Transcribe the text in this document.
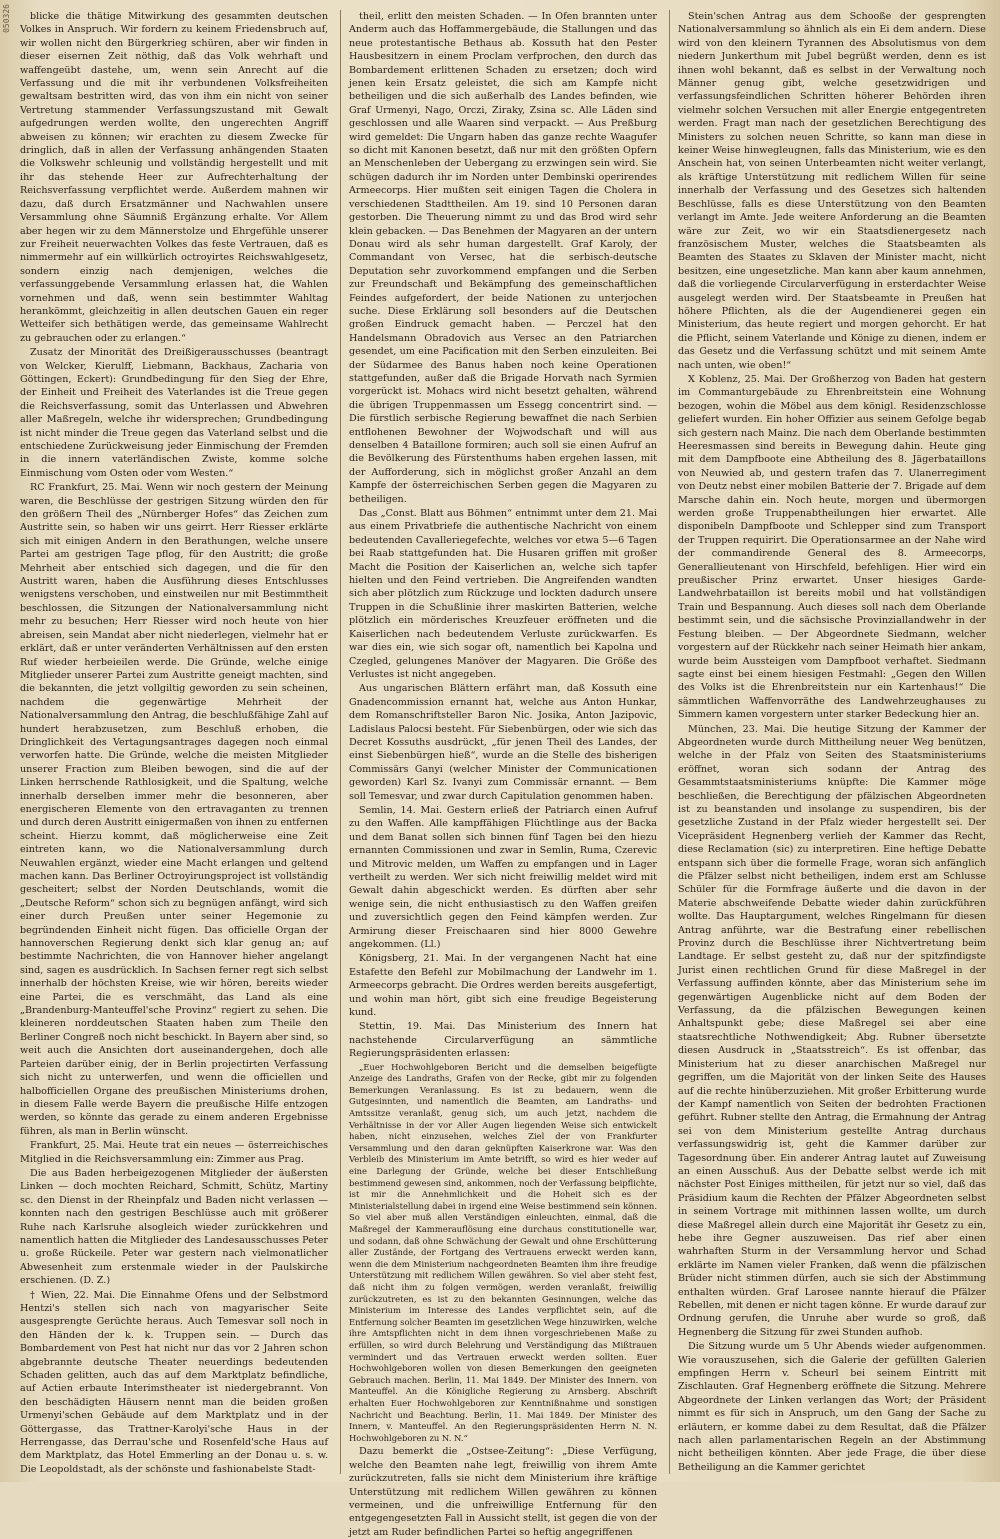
050326	blicke die thätige Mitwirkung des gesammten deutschen Volkes in Anspruch. Wir fordern zu keinem Friedensbruch auf, wir wollen nicht den Bürgerkrieg schüren, aber wir finden in dieser eisernen Zeit nöthig, daß das Volk wehrhaft und waffengeübt dastehe, um, wenn sein Anrecht auf die Verfassung und die mit ihr verbundenen Volksfreiheiten gewaltsam bestritten wird, das von ihm ein nicht von seiner Vertretung stammender Verfassungszustand mit Gewalt aufgedrungen werden wollte, den ungerechten Angriff abweisen zu können; wir erachten zu diesem Zwecke für dringlich, daß in allen der Verfassung anhängenden Staaten die Volkswehr schleunig und vollständig hergestellt und mit ihr das stehende Heer zur Aufrechterhaltung der Reichsverfassung verpflichtet werde. Außerdem mahnen wir dazu, daß durch Ersatzmänner und Nachwahlen unsere Versammlung ohne Säumniß Ergänzung erhalte. Vor Allem aber hegen wir zu dem Männerstolze und Ehrgefühle unserer zur Freiheit neuerwachten Volkes das feste Vertrauen, daß es nimmermehr auf ein willkürlich octroyirtes Reichswahlgesetz, sondern einzig nach demjenigen, welches die verfassunggebende Versammlung erlassen hat, die Wahlen vornehmen und daß, wenn sein bestimmter Wahltag herankömmt, gleichzeitig in allen deutschen Gauen ein reger Wetteifer sich bethätigen werde, das gemeinsame Wahlrecht zu gebrauchen oder zu erlangen.“

Zusatz der Minorität des Dreißigerausschusses (beantragt von Welcker, Kierulff, Liebmann, Backhaus, Zacharia von Göttingen, Eckert): Grundbedingung für den Sieg der Ehre, der Einheit und Freiheit des Vaterlandes ist die Treue gegen die Reichsverfassung, somit das Unterlassen und Abwehren aller Maßregeln, welche ihr widersprechen; Grundbedingung ist nicht minder die Treue gegen das Vaterland selbst und die entschiedene Zurückweisung jeder Einmischung der Fremden in die innern vaterländischen Zwiste, komme solche Einmischung vom Osten oder vom Westen.“

RC Frankfurt, 25. Mai. Wenn wir noch gestern der Meinung waren, die Beschlüsse der gestrigen Sitzung würden den für den größern Theil des „Nürnberger Hofes“ das Zeichen zum Austritte sein, so haben wir uns geirrt. Herr Riesser erklärte sich mit einigen Andern in den Berathungen, welche unsere Partei am gestrigen Tage pflog, für den Austritt; die große Mehrheit aber entschied sich dagegen, und die für den Austritt waren, haben die Ausführung dieses Entschlusses wenigstens verschoben, und einstweilen nur mit Bestimmtheit beschlossen, die Sitzungen der Nationalversammlung nicht mehr zu besuchen; Herr Riesser wird noch heute von hier abreisen, sein Mandat aber nicht niederlegen, vielmehr hat er erklärt, daß er unter veränderten Verhältnissen auf den ersten Ruf wieder herbeieilen werde. Die Gründe, welche einige Mitglieder unserer Partei zum Austritte geneigt machten, sind die bekannten, die jetzt vollgiltig geworden zu sein scheinen, nachdem die gegenwärtige Mehrheit der Nationalversammlung den Antrag, die beschlußfähige Zahl auf hundert herabzusetzen, zum Beschluß erhoben, die Dringlichkeit des Vertagungsantrages dagegen noch einmal verworfen hatte. Die Gründe, welche die meisten Mitglieder unserer Fraction zum Bleiben bewogen, sind die auf der Linken herrschende Rathlosigkeit, und die Spaltung, welche innerhalb derselben immer mehr die besonneren, aber energischeren Elemente von den ertravaganten zu trennen und durch deren Austritt einigermaßen von ihnen zu entfernen scheint. Hierzu kommt, daß möglicherweise eine Zeit eintreten kann, wo die Nationalversammlung durch Neuwahlen ergänzt, wieder eine Macht erlangen und geltend machen kann. Das Berliner Octroyirungsproject ist vollständig gescheitert; selbst der Norden Deutschlands, womit die „Deutsche Reform“ schon sich zu begnügen anfängt, wird sich einer durch Preußen unter seiner Hegemonie zu begründenden Einheit nicht fügen. Das officielle Organ der hannoverschen Regierung denkt sich klar genug an; auf bestimmte Nachrichten, die von Hannover hieher angelangt sind, sagen es ausdrücklich. In Sachsen ferner regt sich selbst innerhalb der höchsten Kreise, wie wir hören, bereits wieder eine Partei, die es verschmäht, das Land als eine „Brandenburg-Manteuffel'sche Provinz“ regiert zu sehen. Die kleineren norddeutschen Staaten haben zum Theile den Berliner Congreß noch nicht beschickt. In Bayern aber sind, so weit auch die Ansichten dort auseinandergehen, doch alle Parteien darüber einig, der in Berlin projectirten Verfassung sich nicht zu unterwerfen, und wenn die officiellen und halbofficiellen Organe des preußischen Ministeriums drohen, in diesem Falle werde Bayern die preußische Hilfe entzogen werden, so könnte das gerade zu einem anderen Ergebnisse führen, als man in Berlin wünscht.

Frankfurt, 25. Mai. Heute trat ein neues — österreichisches Mitglied in die Reichsversammlung ein: Zimmer aus Prag.

Die aus Baden herbeigezogenen Mitglieder der äußersten Linken — doch mochten Reichard, Schmitt, Schütz, Martiny sc. den Dienst in der Rheinpfalz und Baden nicht verlassen — konnten nach den gestrigen Beschlüsse auch mit größerer Ruhe nach Karlsruhe alsogleich wieder zurückkehren und namentlich hatten die Mitglieder des Landesausschusses Peter u. große Rückeile. Peter war gestern nach vielmonatlicher Abwesenheit zum erstenmale wieder in der Paulskirche erschienen. (D. Z.)

† Wien, 22. Mai. Die Einnahme Ofens und der Selbstmord Hentzi's stellen sich nach von magyarischer Seite ausgesprengte Gerüchte heraus. Auch Temesvar soll noch in den Händen der k. k. Truppen sein. — Durch das Bombardement von Pest hat nicht nur das vor 2 Jahren schon abgebrannte deutsche Theater neuerdings bedeutenden Schaden gelitten, auch das auf dem Marktplatz befindliche, auf Actien erbaute Interimstheater ist niedergebrannt. Von den beschädigten Häusern nennt man die beiden großen Urmenyi'schen Gebäude auf dem Marktplatz und in der Göttergasse, das Trattner-Karolyi'sche Haus in der Herrengasse, das Derrau'sche und Rosenfeld'sche Haus auf dem Marktplatz, das Hotel Emmerling an der Donau u. s. w. Die Leopoldstadt, als der schönste und fashionabelste Stadt-

theil, erlitt den meisten Schaden. — In Ofen brannten unter Anderm auch das Hoffammergebäude, die Stallungen und das neue protestantische Bethaus ab. Kossuth hat den Pester Hausbesitzern in einem Proclam verfprochen, den durch das Bombardement erlittenen Schaden zu ersetzen; doch wird jenen kein Ersatz geleistet, die sich am Kampfe nicht betheiligen und die sich außerhalb des Landes befinden, wie Graf Urmenyi, Nago, Orczi, Ziraky, Zsina sc. Alle Läden sind geschlossen und alle Waaren sind verpackt. — Aus Preßburg wird gemeldet: Die Ungarn haben das ganze rechte Waagufer so dicht mit Kanonen besetzt, daß nur mit den größten Opfern an Menschenleben der Uebergang zu erzwingen sein wird. Sie schügen dadurch ihr im Norden unter Dembinski operirendes Armeecorps. Hier mußten seit einigen Tagen die Cholera in verschiedenen Stadttheilen. Am 19. sind 10 Personen daran gestorben. Die Theuerung nimmt zu und das Brod wird sehr klein gebacken. — Das Benehmen der Magyaren an der untern Donau wird als sehr human dargestellt. Graf Karoly, der Commandant von Versec, hat die serbisch-deutsche Deputation sehr zuvorkommend empfangen und die Serben zur Freundschaft und Bekämpfung des gemeinschaftlichen Feindes aufgefordert, der beide Nationen zu unterjochen suche. Diese Erklärung soll besonders auf die Deutschen großen Eindruck gemacht haben. — Perczel hat den Handelsmann Obradovich aus Versec an den Patriarchen gesendet, um eine Pacification mit den Serben einzuleiten. Bei der Südarmee des Banus haben noch keine Operationen stattgefunden, außer daß die Brigade Horvath nach Syrmien vorgerückt ist. Mohacs wird nicht besetzt gehalten, während die übrigen Truppenmassen um Essegg concentrirt sind. — Die fürstlich serbische Regierung bewaffnet die nach Serbien entflohenen Bewohner der Wojwodschaft und will aus denselben 4 Bataillone formiren; auch soll sie einen Aufruf an die Bevölkerung des Fürstenthums haben ergehen lassen, mit der Aufforderung, sich in möglichst großer Anzahl an dem Kampfe der österreichischen Serben gegen die Magyaren zu betheiligen.

Das „Const. Blatt aus Böhmen“ entnimmt unter dem 21. Mai aus einem Privatbriefe die authentische Nachricht von einem bedeutenden Cavalleriegefechte, welches vor etwa 5—6 Tagen bei Raab stattgefunden hat. Die Husaren griffen mit großer Macht die Position der Kaiserlichen an, welche sich tapfer hielten und den Feind vertrieben. Die Angreifenden wandten sich aber plötzlich zum Rückzuge und lockten dadurch unsere Truppen in die Schußlinie ihrer maskirten Batterien, welche plötzlich ein mörderisches Kreuzfeuer eröffneten und die Kaiserlichen nach bedeutendem Verluste zurückwarfen. Es war dies ein, wie sich sogar oft, namentlich bei Kapolna und Czegled, gelungenes Manöver der Magyaren. Die Größe des Verlustes ist nicht angegeben.

Aus ungarischen Blättern erfährt man, daß Kossuth eine Gnadencommission ernannt hat, welche aus Anton Hunkar, dem Romanschriftsteller Baron Nic. Josika, Anton Jazipovic, Ladislaus Palocsi besteht. Für Siebenbürgen, oder wie sich das Decret Kossuths ausdrückt, „für jenen Theil des Landes, der einst Siebenbürgen hieß“, wurde an die Stelle des bisherigen Commissärs Ganyi (welcher Minister der Communicationen geworden) Karl Sz. Ivanyi zum Commissär ernannt. — Bem soll Temesvar, und zwar durch Capitulation genommen haben.

Semlin, 14. Mai. Gestern erließ der Patriarch einen Aufruf zu den Waffen. Alle kampffähigen Flüchtlinge aus der Backa und dem Banat sollen sich binnen fünf Tagen bei den hiezu ernannten Commissionen und zwar in Semlin, Ruma, Czerevic und Mitrovic melden, um Waffen zu empfangen und in Lager vertheilt zu werden. Wer sich nicht freiwillig meldet wird mit Gewalt dahin abgeschickt werden. Es dürften aber sehr wenige sein, die nicht enthusiastisch zu den Waffen greifen und zuversichtlich gegen den Feind kämpfen werden. Zur Armirung dieser Freischaaren sind hier 8000 Gewehre angekommen. (Ll.)

Königsberg, 21. Mai. In der vergangenen Nacht hat eine Estafette den Befehl zur Mobilmachung der Landwehr im 1. Armeecorps gebracht. Die Ordres werden bereits ausgefertigt, und wohin man hört, gibt sich eine freudige Begeisterung kund.

Stettin, 19. Mai. Das Ministerium des Innern hat nachstehende Circularverfügung an sämmtliche Regierungspräsidenten erlassen:

„Euer Hochwohlgeboren Bericht und die demselben beigefügte Anzeige des Landraths, Grafen von der Recke, gibt mir zu folgenden Bemerkungen Veranlassung. Es ist zu bedauern, wenn die Gutgesinnten, und namentlich die Beamten, am Landraths- und Amtssitze veranlaßt, genug sich, um auch jetzt, nachdem die Verhältnisse in der vor Aller Augen liegenden Weise sich entwickelt haben, nicht einzusehen, welches Ziel der von Frankfurter Versammlung und den daran geknüpften Kaiserkrone war. Was den Verbleib des Ministerium im Amte betrifft, so wird es hier weder auf eine Darlegung der Gründe, welche bei dieser Entschließung bestimmend gewesen sind, ankommen, noch der Verfassung beipflichte, ist mir die Annehmlichkeit und die Hoheit sich es der Ministerialstellung dabei in irgend eine Weise bestimmend sein können. So viel aber muß allen Verständigen einleuchten, einmal, daß die Maßregel der Kammerauflösung eine durchaus constitutionelle war, und sodann, daß ohne Schwächung der Gewalt und ohne Erschütterung aller Zustände, der Fortgang des Vertrauens erweckt werden kann, wenn die dem Ministerium nachgeordneten Beamten ihm ihre freudige Unterstützung mit redlichem Willen gewähren. So viel aber steht fest, daß nicht ihm zu folgen vermögen, werden veranlaßt, freiwillig zurückzutreten, es ist zu den bekannten Gesinnungen, welche das Ministerium im Interesse des Landes verpflichtet sein, auf die Entfernung solcher Beamten im gesetzlichen Wege hinzuwirken, welche ihre Amtspflichten nicht in dem ihnen vorgeschriebenen Maße zu erfüllen, so wird durch Belehrung und Verständigung das Mißtrauen vermindert und das Vertrauen erweckt werden sollten. Euer Hochwohlgeboren wollen von diesen Bemerkungen den geeigneten Gebrauch machen. Berlin, 11. Mai 1849. Der Minister des Innern. von Manteuffel. An die Königliche Regierung zu Arnsberg. Abschrift erhalten Euer Hochwohlgeboren zur Kenntnißnahme und sonstigen Nachricht und Beachtung. Berlin, 11. Mai 1849. Der Minister des Innern, v. Manteuffel. An den Regierungspräsidenten Herrn N. N. Hochwohlgeboren zu N. N.“

Dazu bemerkt die „Ostsee-Zeitung“: „Diese Verfügung, welche den Beamten nahe legt, freiwillig von ihrem Amte zurückzutreten, falls sie nicht dem Ministerium ihre kräftige Unterstützung mit redlichem Willen gewähren zu können vermeinen, und die unfreiwillige Entfernung für den entgegengesetzten Fall in Aussicht stellt, ist gegen die von der jetzt am Ruder befindlichen Partei so heftig angegriffenen

Stein'schen Antrag aus dem Schooße der gesprengten Nationalversammlung so ähnlich als ein Ei dem andern. Diese wird von den kleinern Tyrannen des Absolutismus von dem niedern Junkerthum mit Jubel begrüßt werden, denn es ist ihnen wohl bekannt, daß es selbst in der Verwaltung noch Männer genug gibt, welche gesetzwidrigen und verfassungsfeindlichen Schritten höherer Behörden ihren vielmehr solchen Versuchen mit aller Energie entgegentreten werden. Fragt man nach der gesetzlichen Berechtigung des Ministers zu solchen neuen Schritte, so kann man diese in keiner Weise hinwegleugnen, falls das Ministerium, wie es den Anschein hat, von seinen Unterbeamten nicht weiter verlangt, als kräftige Unterstützung mit redlichem Willen für seine innerhalb der Verfassung und des Gesetzes sich haltenden Beschlüsse, falls es diese Unterstützung von den Beamten verlangt im Amte. Jede weitere Anforderung an die Beamten wäre zur Zeit, wo wir ein Staatsdienergesetz nach französischem Muster, welches die Staatsbeamten als Beamten des Staates zu Sklaven der Minister macht, nicht besitzen, eine ungesetzliche. Man kann aber kaum annehmen, daß die vorliegende Circularverfügung in ersterdachter Weise ausgelegt werden wird. Der Staatsbeamte in Preußen hat höhere Pflichten, als die der Augendienerei gegen ein Ministerium, das heute regiert und morgen gehorcht. Er hat die Pflicht, seinem Vaterlande und Könige zu dienen, indem er das Gesetz und die Verfassung schützt und mit seinem Amte nach unten, wie oben!“

X Koblenz, 25. Mai. Der Großherzog von Baden hat gestern im Commanturgebäude zu Ehrenbreitstein eine Wohnung bezogen, wohin die Möbel aus dem königl. Residenzschlosse geliefert wurden. Ein hoher Offizier aus seinem Gefolge begab sich gestern nach Mainz. Die nach dem Oberlande bestimmten Heeresmassen sind bereits in Bewegung dahin. Heute ging mit dem Dampfboote eine Abtheilung des 8. Jägerbataillons von Neuwied ab, und gestern trafen das 7. Ulanerregiment von Deutz nebst einer mobilen Batterie der 7. Brigade auf dem Marsche dahin ein. Noch heute, morgen und übermorgen werden große Truppenabtheilungen hier erwartet. Alle disponibeln Dampfboote und Schlepper sind zum Transport der Truppen requirirt. Die Operationsarmee an der Nahe wird der commandirende General des 8. Armeecorps, Generallieutenant von Hirschfeld, befehligen. Hier wird ein preußischer Prinz erwartet. Unser hiesiges Garde-Landwehrbataillon ist bereits mobil und hat vollständigen Train und Bespannung. Auch dieses soll nach dem Oberlande bestimmt sein, und die sächsische Provinziallandwehr in der Festung bleiben. — Der Abgeordnete Siedmann, welcher vorgestern auf der Rückkehr nach seiner Heimath hier ankam, wurde beim Aussteigen vom Dampfboot verhaftet. Siedmann sagte einst bei einem hiesigen Festmahl: „Gegen den Willen des Volks ist die Ehrenbreitstein nur ein Kartenhaus!“ Die sämmtlichen Waffenvorräthe des Landwehrzeughauses zu Simmern kamen vorgestern unter starker Bedeckung hier an.

München, 23. Mai. Die heutige Sitzung der Kammer der Abgeordneten wurde durch Mittheilung neuer Weg benützen, welche in der Pfalz von Seiten des Staatsministeriums eröffnet, woran sich sodann der Antrag des Gesammtstaatsministeriums knüpfte: Die Kammer möge beschließen, die Berechtigung der pfälzischen Abgeordneten ist zu beanstanden und insolange zu suspendiren, bis der gesetzliche Zustand in der Pfalz wieder hergestellt sei. Der Vicepräsident Hegnenberg verlieh der Kammer das Recht, diese Reclamation (sic) zu interpretiren. Eine heftige Debatte entspann sich über die formelle Frage, woran sich anfänglich die Pfälzer selbst nicht betheiligen, indem erst am Schlusse Schüler für die Formfrage äußerte und die davon in der Materie abschweifende Debatte wieder dahin zurückführen wollte. Das Hauptargument, welches Ringelmann für diesen Antrag anführte, war die Bestrafung einer rebellischen Provinz durch die Beschlüsse ihrer Nichtvertretung beim Landtage. Er selbst gesteht zu, daß nur der spitzfindigste Jurist einen rechtlichen Grund für diese Maßregel in der Verfassung auffinden könnte, aber das Ministerium sehe im gegenwärtigen Augenblicke nicht auf dem Boden der Verfassung, da die pfälzischen Bewegungen keinen Anhaltspunkt gebe; diese Maßregel sei aber eine staatsrechtliche Nothwendigkeit; Abg. Rubner übersetzte diesen Ausdruck in „Staatsstreich“. Es ist offenbar, das Ministerium hat zu dieser anarchischen Maßregel nur gegriffen, um die Majorität von der linken Seite des Hauses auf die rechte hinüberzuziehen. Mit großer Erbitterung wurde der Kampf namentlich von Seiten der bedrohten Fractionen geführt. Rubner stellte den Antrag, die Ermahnung der Antrag sei von dem Ministerium gestellte Antrag durchaus verfassungswidrig ist, geht die Kammer darüber zur Tagesordnung über. Ein anderer Antrag lautet auf Zuweisung an einen Ausschuß. Aus der Debatte selbst werde ich mit nächster Post Einiges mittheilen, für jetzt nur so viel, daß das Präsidium kaum die Rechten der Pfälzer Abgeordneten selbst in seinem Vortrage mit mithinnen lassen wollte, um durch diese Maßregel allein durch eine Majorität ihr Gesetz zu ein, hebe ihre Gegner auszuweisen. Das rief aber einen wahrhaften Sturm in der Versammlung hervor und Schad erklärte im Namen vieler Franken, daß wenn die pfälzischen Brüder nicht stimmen dürfen, auch sie sich der Abstimmung enthalten würden. Graf Larosee nannte hierauf die Pfälzer Rebellen, mit denen er nicht tagen könne. Er wurde darauf zur Ordnung gerufen, die Unruhe aber wurde so groß, daß Hegnenberg die Sitzung für zwei Stunden aufhob.

Die Sitzung wurde um 5 Uhr Abends wieder aufgenommen. Wie vorauszusehen, sich die Galerie der gefüllten Galerien empfingen Herrn v. Scheurl bei seinem Eintritt mit Zischlauten. Graf Hegnenberg eröffnete die Sitzung. Mehrere Abgeordnete der Linken verlangen das Wort; der Präsident nimmt es für sich in Anspruch, um den Gang der Sache zu erläutern, er komme dabei zu dem Resultat, daß die Pfälzer nach allen parlamentarischen Regeln an der Abstimmung nicht betheiligen könnten. Aber jede Frage, die über diese Betheiligung an die Kammer gerichtet
